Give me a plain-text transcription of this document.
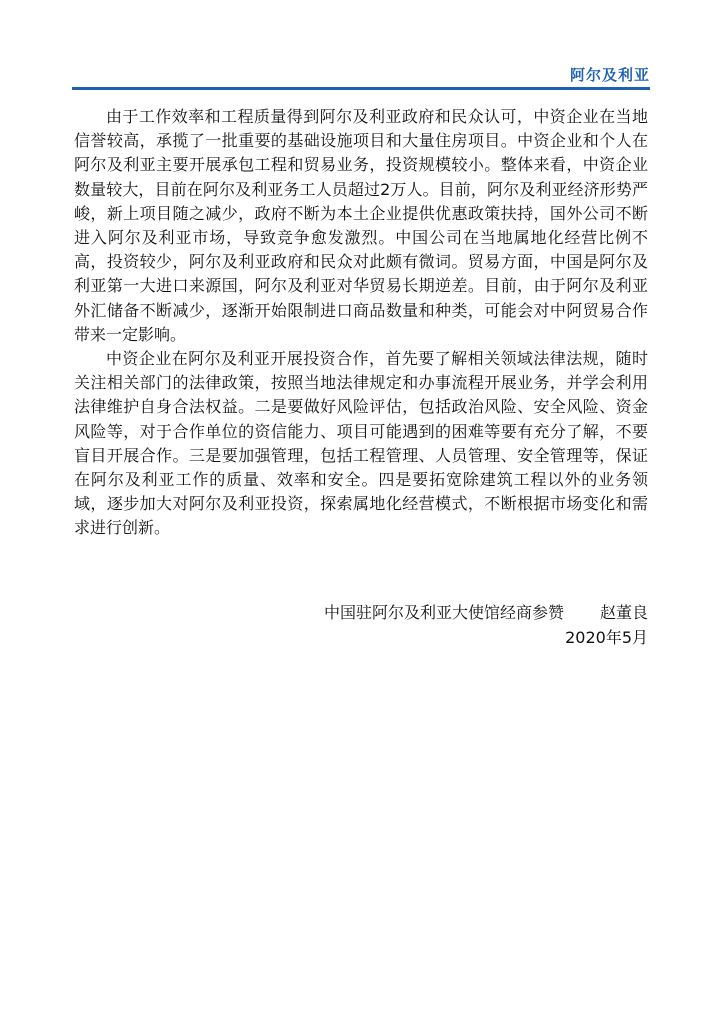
阿尔及利亚

由于工作效率和工程质量得到阿尔及利亚政府和民众认可，中资企业在当地信誉较高，承揽了一批重要的基础设施项目和大量住房项目。中资企业和个人在阿尔及利亚主要开展承包工程和贸易业务，投资规模较小。整体来看，中资企业数量较大，目前在阿尔及利亚务工人员超过2万人。目前，阿尔及利亚经济形势严峻，新上项目随之减少，政府不断为本土企业提供优惠政策扶持，国外公司不断进入阿尔及利亚市场，导致竞争愈发激烈。中国公司在当地属地化经营比例不高，投资较少，阿尔及利亚政府和民众对此颇有微词。贸易方面，中国是阿尔及利亚第一大进口来源国，阿尔及利亚对华贸易长期逆差。目前，由于阿尔及利亚外汇储备不断减少，逐渐开始限制进口商品数量和种类，可能会对中阿贸易合作带来一定影响。

中资企业在阿尔及利亚开展投资合作，首先要了解相关领域法律法规，随时关注相关部门的法律政策，按照当地法律规定和办事流程开展业务，并学会利用法律维护自身合法权益。二是要做好风险评估，包括政治风险、安全风险、资金风险等，对于合作单位的资信能力、项目可能遇到的困难等要有充分了解，不要盲目开展合作。三是要加强管理，包括工程管理、人员管理、安全管理等，保证在阿尔及利亚工作的质量、效率和安全。四是要拓宽除建筑工程以外的业务领域，逐步加大对阿尔及利亚投资，探索属地化经营模式，不断根据市场变化和需求进行创新。

中国驻阿尔及利亚大使馆经商参赞 赵董良
2020年5月
